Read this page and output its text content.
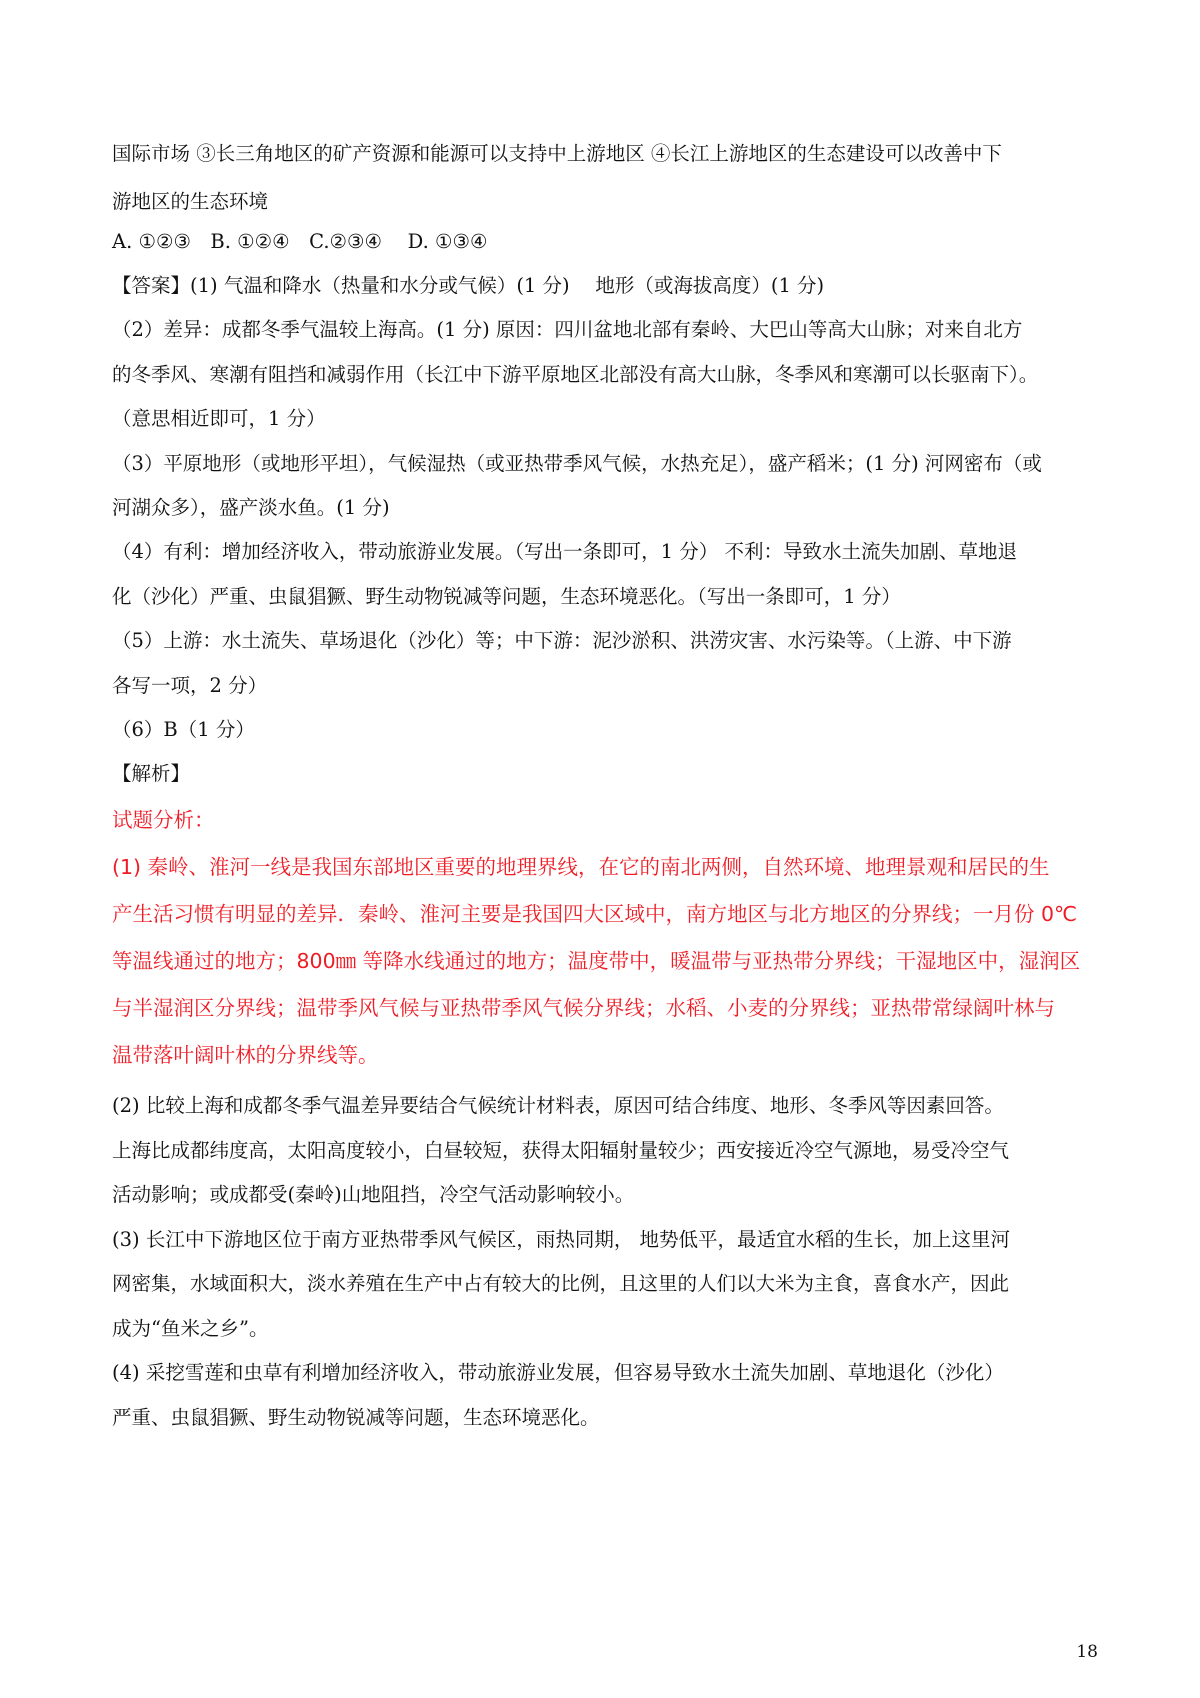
国际市场 ③长三角地区的矿产资源和能源可以支持中上游地区 ④长江上游地区的生态建设可以改善中下

游地区的生态环境

A. ①②③　B. ①②④　C.②③④　 D. ①③④

【答案】(1) 气温和降水（热量和水分或气候）(1 分)　 地形（或海拔高度）(1 分)

（2）差异：成都冬季气温较上海高。(1 分) 原因：四川盆地北部有秦岭、大巴山等高大山脉；对来自北方

的冬季风、寒潮有阻挡和减弱作用（长江中下游平原地区北部没有高大山脉，冬季风和寒潮可以长驱南下）。

（意思相近即可，1 分）

（3）平原地形（或地形平坦），气候湿热（或亚热带季风气候，水热充足），盛产稻米；(1 分) 河网密布（或

河湖众多），盛产淡水鱼。(1 分)

（4）有利：增加经济收入，带动旅游业发展。（写出一条即可，1 分） 不利：导致水土流失加剧、草地退

化（沙化）严重、虫鼠猖獗、野生动物锐减等问题，生态环境恶化。（写出一条即可，1 分）

（5）上游：水土流失、草场退化（沙化）等；中下游：泥沙淤积、洪涝灾害、水污染等。（上游、中下游

各写一项，2 分）

（6）B（1 分）

【解析】

试题分析：

(1) 秦岭、淮河一线是我国东部地区重要的地理界线，在它的南北两侧，自然环境、地理景观和居民的生

产生活习惯有明显的差异．秦岭、淮河主要是我国四大区域中，南方地区与北方地区的分界线；一月份 0℃

等温线通过的地方；800㎜ 等降水线通过的地方；温度带中，暖温带与亚热带分界线；干湿地区中，湿润区

与半湿润区分界线；温带季风气候与亚热带季风气候分界线；水稻、小麦的分界线；亚热带常绿阔叶林与

温带落叶阔叶林的分界线等。

(2) 比较上海和成都冬季气温差异要结合气候统计材料表，原因可结合纬度、地形、冬季风等因素回答。

上海比成都纬度高，太阳高度较小，白昼较短，获得太阳辐射量较少；西安接近冷空气源地，易受冷空气

活动影响；或成都受(秦岭)山地阻挡，冷空气活动影响较小。

(3) 长江中下游地区位于南方亚热带季风气候区，雨热同期， 地势低平，最适宜水稻的生长，加上这里河

网密集，水域面积大，淡水养殖在生产中占有较大的比例，且这里的人们以大米为主食，喜食水产，因此

成为“鱼米之乡”。

(4) 采挖雪莲和虫草有利增加经济收入，带动旅游业发展，但容易导致水土流失加剧、草地退化（沙化）

严重、虫鼠猖獗、野生动物锐减等问题，生态环境恶化。

18
